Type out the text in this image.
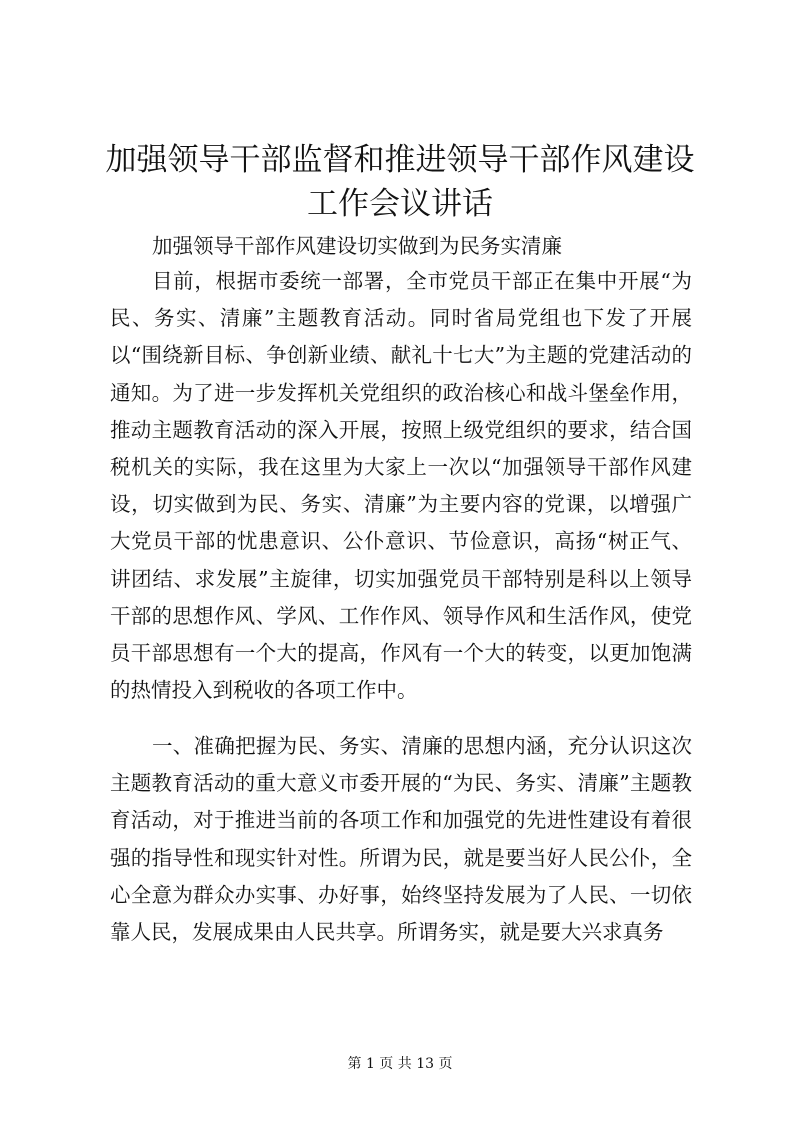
加强领导干部监督和推进领导干部作风建设工作会议讲话

加强领导干部作风建设切实做到为民务实清廉

目前，根据市委统一部署，全市党员干部正在集中开展“为民、务实、清廉”主题教育活动。同时省局党组也下发了开展以“围绕新目标、争创新业绩、献礼十七大”为主题的党建活动的通知。为了进一步发挥机关党组织的政治核心和战斗堡垒作用，推动主题教育活动的深入开展，按照上级党组织的要求，结合国税机关的实际，我在这里为大家上一次以“加强领导干部作风建设，切实做到为民、务实、清廉”为主要内容的党课，以增强广大党员干部的忧患意识、公仆意识、节俭意识，高扬“树正气、讲团结、求发展”主旋律，切实加强党员干部特别是科以上领导干部的思想作风、学风、工作作风、领导作风和生活作风，使党员干部思想有一个大的提高，作风有一个大的转变，以更加饱满的热情投入到税收的各项工作中。

一、准确把握为民、务实、清廉的思想内涵，充分认识这次主题教育活动的重大意义市委开展的“为民、务实、清廉”主题教育活动，对于推进当前的各项工作和加强党的先进性建设有着很强的指导性和现实针对性。所谓为民，就是要当好人民公仆，全心全意为群众办实事、办好事，始终坚持发展为了人民、一切依靠人民，发展成果由人民共享。所谓务实，就是要大兴求真务

第 1 页 共 13 页
